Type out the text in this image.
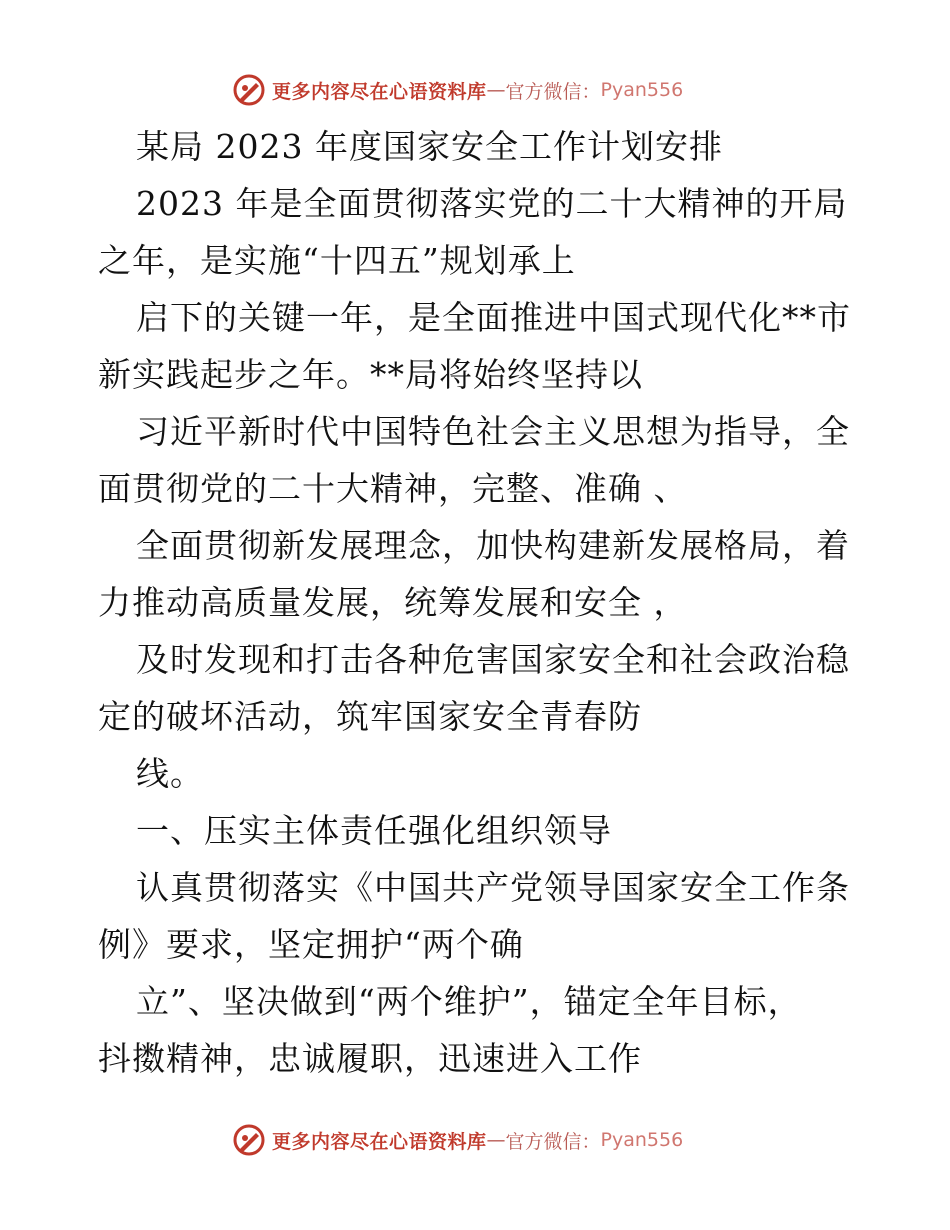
更多内容尽在心语资料库 — 官方微信： Pyan556
某局 2023 年度国家安全工作计划安排
2023 年是全面贯彻落实党的二十大精神的开局
之年，是实施“十四五”规划承上
启下的关键一年，是全面推进中国式现代化**市
新实践起步之年。**局将始终坚持以
习近平新时代中国特色社会主义思想为指导，全
面贯彻党的二十大精神，完整、准确 、
全面贯彻新发展理念，加快构建新发展格局，着
力推动高质量发展，统筹发展和安全 ，
及时发现和打击各种危害国家安全和社会政治稳
定的破坏活动，筑牢国家安全青春防
线。
一、压实主体责任强化组织领导
认真贯彻落实《中国共产党领导国家安全工作条
例》要求，坚定拥护“两个确
立”、坚决做到“两个维护”，锚定全年目标，
抖擞精神，忠诚履职，迅速进入工作
更多内容尽在心语资料库 — 官方微信： Pyan556
